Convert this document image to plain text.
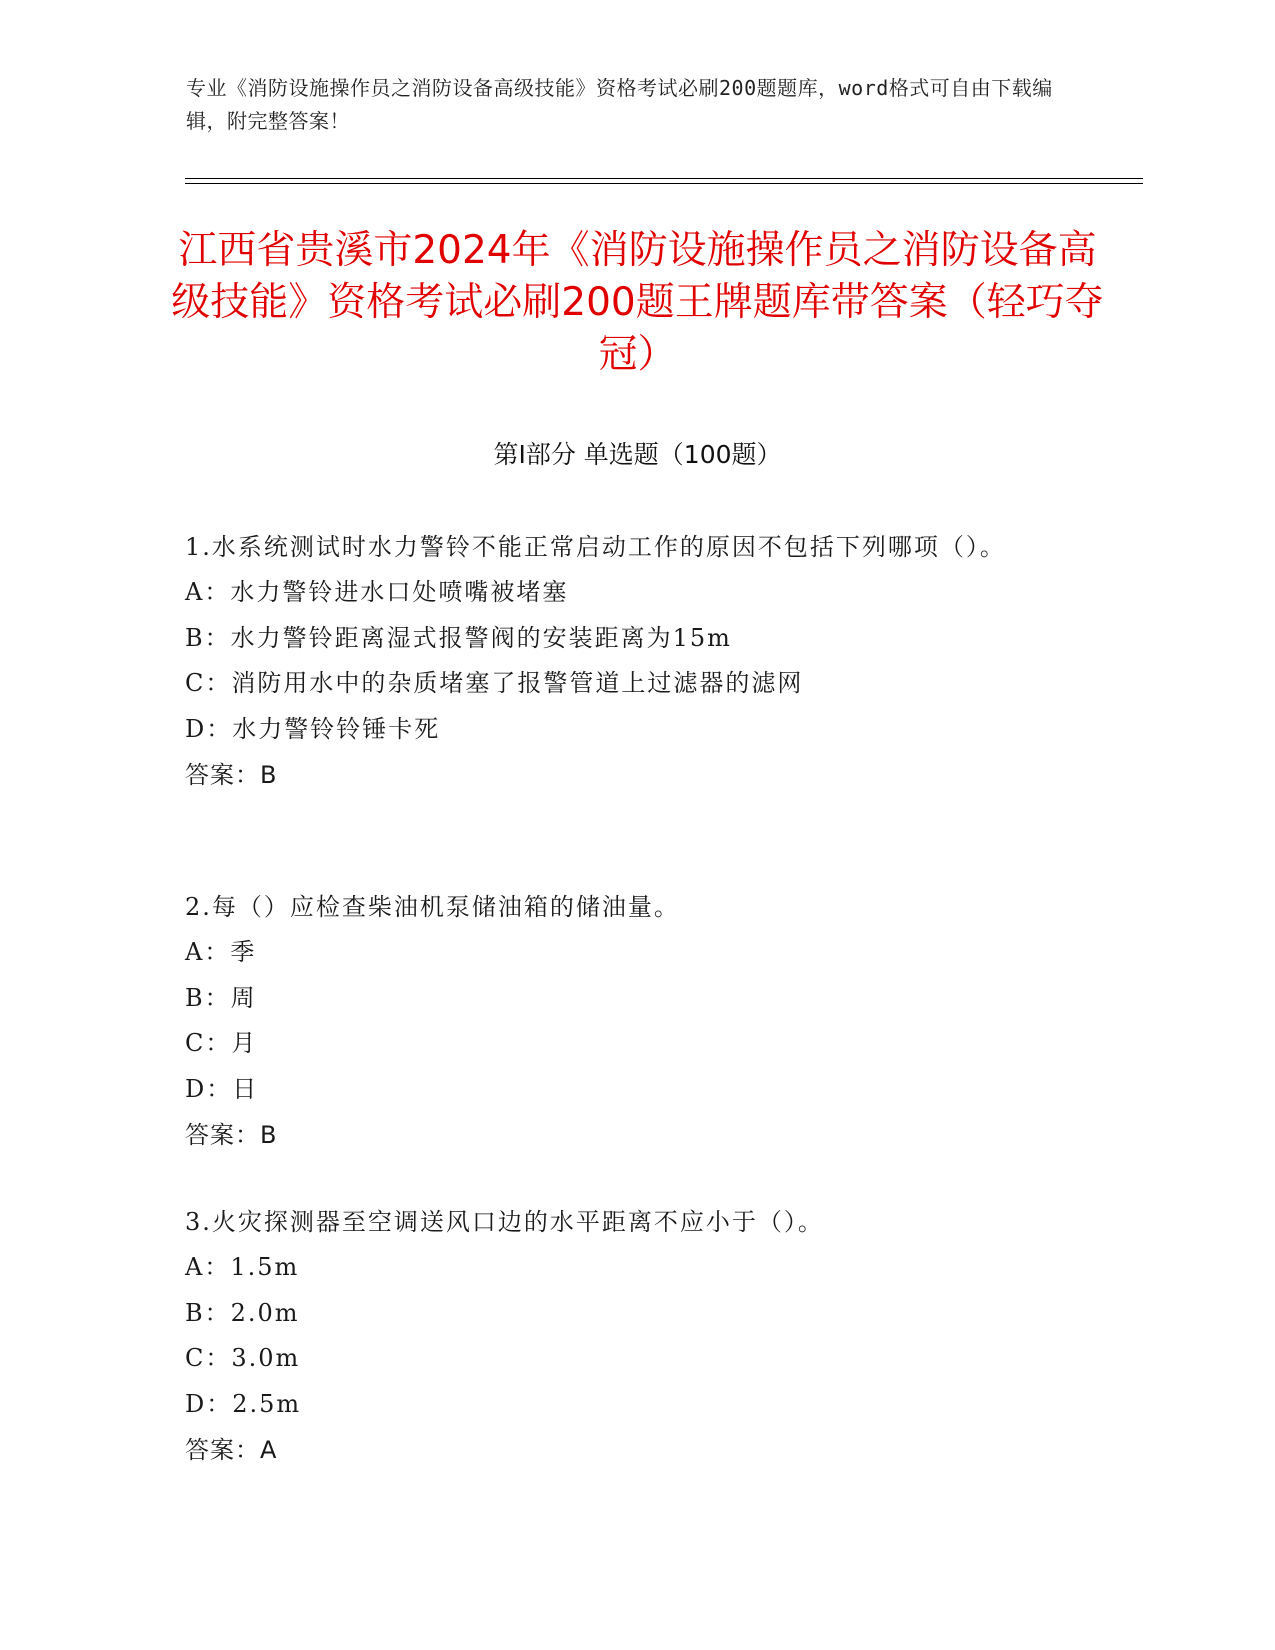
专业《消防设施操作员之消防设备高级技能》资格考试必刷200题题库，word格式可自由下载编辑，附完整答案！
江西省贵溪市2024年《消防设施操作员之消防设备高级技能》资格考试必刷200题王牌题库带答案（轻巧夺冠）
第Ⅰ部分 单选题（100题）
1.水系统测试时水力警铃不能正常启动工作的原因不包括下列哪项（）。
A：水力警铃进水口处喷嘴被堵塞
B：水力警铃距离湿式报警阀的安装距离为15m
C：消防用水中的杂质堵塞了报警管道上过滤器的滤网
D：水力警铃铃锤卡死
答案：B
2.每（）应检查柴油机泵储油箱的储油量。
A：季
B：周
C：月
D：日
答案：B
3.火灾探测器至空调送风口边的水平距离不应小于（）。
A：1.5m
B：2.0m
C：3.0m
D：2.5m
答案：A
